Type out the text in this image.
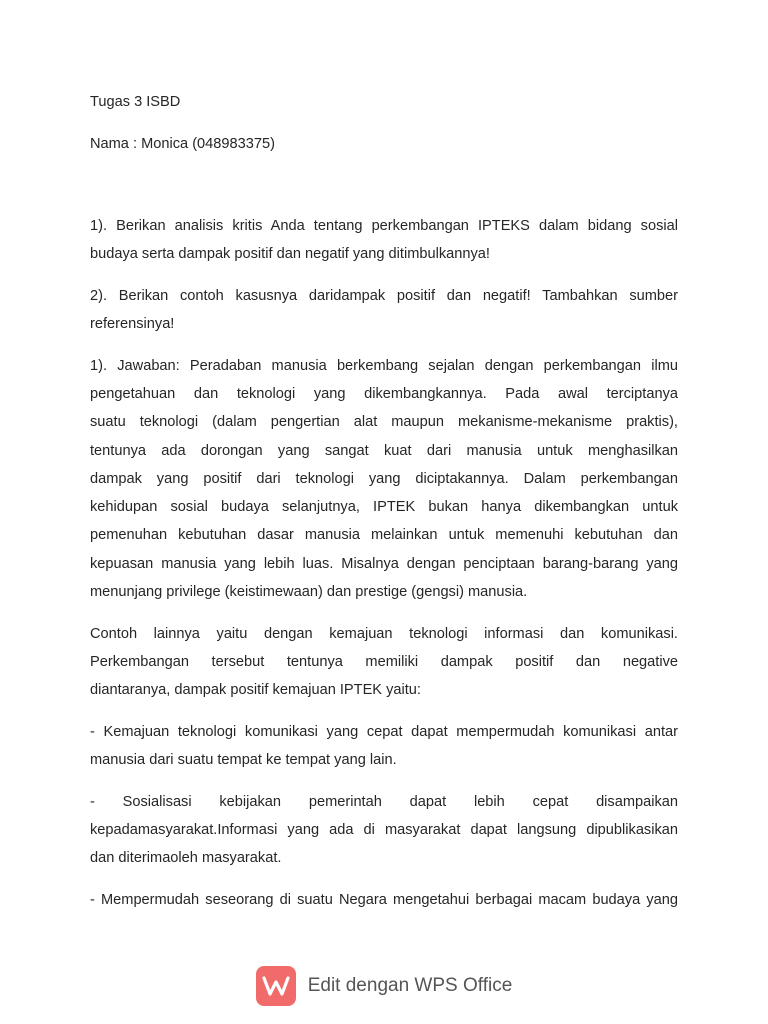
Tugas 3 ISBD
Nama : Monica (048983375)
1). Berikan analisis kritis Anda tentang perkembangan IPTEKS dalam bidang sosial
budaya serta dampak positif dan negatif yang ditimbulkannya!
2). Berikan contoh kasusnya daridampak positif dan negatif! Tambahkan sumber
referensinya!
1). Jawaban: Peradaban manusia berkembang sejalan dengan perkembangan ilmu
pengetahuan dan teknologi yang dikembangkannya. Pada awal terciptanya
suatu teknologi (dalam pengertian alat maupun mekanisme-mekanisme praktis),
tentunya ada dorongan yang sangat kuat dari manusia untuk menghasilkan
dampak yang positif dari teknologi yang diciptakannya. Dalam perkembangan
kehidupan sosial budaya selanjutnya, IPTEK bukan hanya dikembangkan untuk
pemenuhan kebutuhan dasar manusia melainkan untuk memenuhi kebutuhan dan
kepuasan manusia yang lebih luas. Misalnya dengan penciptaan barang-barang yang
menunjang privilege (keistimewaan) dan prestige (gengsi) manusia.
Contoh lainnya yaitu dengan kemajuan teknologi informasi dan komunikasi.
Perkembangan tersebut tentunya memiliki dampak positif dan negative
diantaranya, dampak positif kemajuan IPTEK yaitu:
- Kemajuan teknologi komunikasi yang cepat dapat mempermudah komunikasi antar
manusia dari suatu tempat ke tempat yang lain.
- Sosialisasi kebijakan pemerintah dapat lebih cepat disampaikan
kepadamasyarakat.Informasi yang ada di masyarakat dapat langsung dipublikasikan
dan diterimaoleh masyarakat.
- Mempermudah seseorang di suatu Negara mengetahui berbagai macam budaya yang
Edit dengan WPS Office
